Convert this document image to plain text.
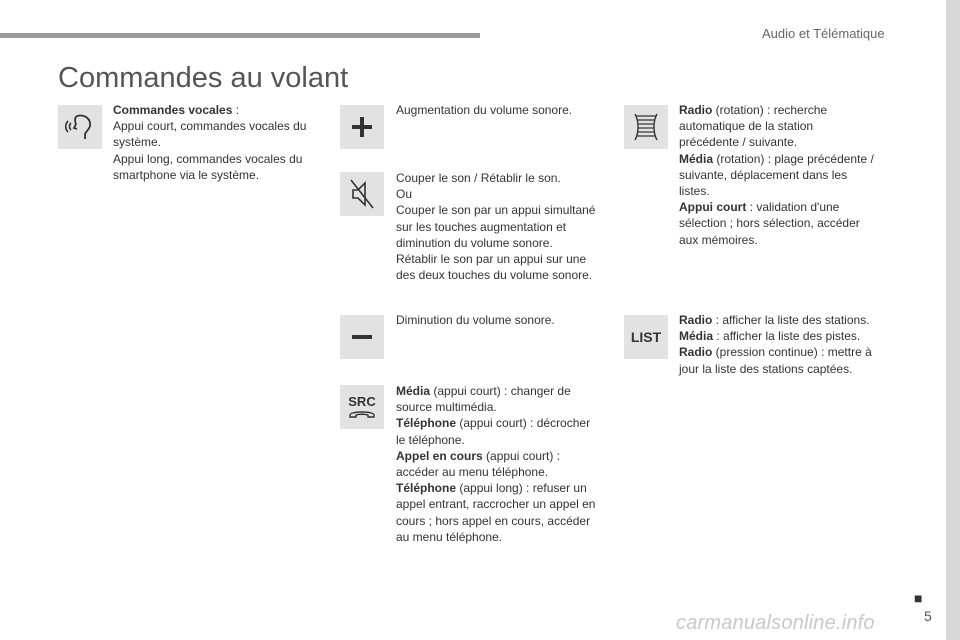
Audio et Télématique
Commandes au volant
Commandes vocales :
Appui court, commandes vocales du
système.
Appui long, commandes vocales du
smartphone via le système.
Augmentation du volume sonore.
Couper le son / Rétablir le son.
Ou
Couper le son par un appui simultané
sur les touches augmentation et
diminution du volume sonore.
Rétablir le son par un appui sur une
des deux touches du volume sonore.
Diminution du volume sonore.
SRC
Média (appui court) : changer de
source multimédia.
Téléphone (appui court) : décrocher
le téléphone.
Appel en cours (appui court) :
accéder au menu téléphone.
Téléphone (appui long) : refuser un
appel entrant, raccrocher un appel en
cours ; hors appel en cours, accéder
au menu téléphone.
Radio (rotation) : recherche
automatique de la station
précédente / suivante.
Média (rotation) : plage précédente /
suivante, déplacement dans les
listes.
Appui court : validation d'une
sélection ; hors sélection, accéder
aux mémoires.
LIST
Radio : afficher la liste des stations.
Média : afficher la liste des pistes.
Radio (pression continue) : mettre à
jour la liste des stations captées.
■
carmanualsonline.info	5
